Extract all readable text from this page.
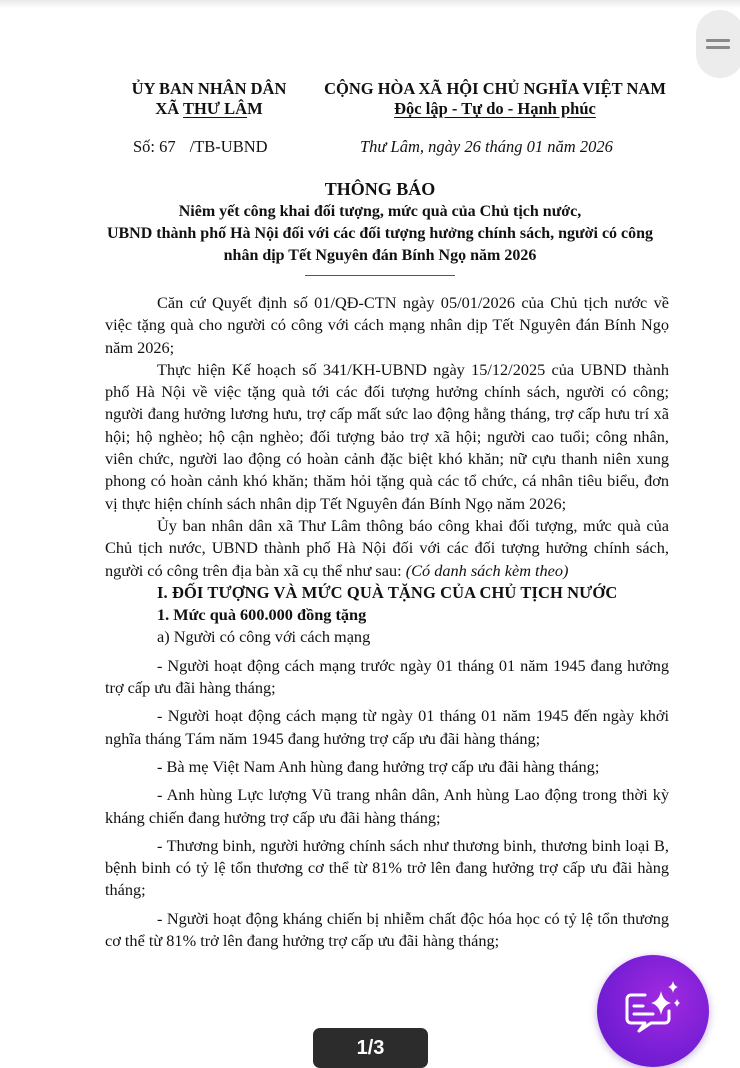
ỦY BAN NHÂN DÂN
XÃ THƯ LÂM
CỘNG HÒA XÃ HỘI CHỦ NGHĨA VIỆT NAM
Độc lập - Tự do - Hạnh phúc
Số: 67 /TB-UBND	Thư Lâm, ngày 26 tháng 01 năm 2026
THÔNG BÁO
Niêm yết công khai đối tượng, mức quà của Chủ tịch nước,
UBND thành phố Hà Nội đối với các đối tượng hưởng chính sách, người có công
nhân dịp Tết Nguyên đán Bính Ngọ năm 2026

Căn cứ Quyết định số 01/QĐ-CTN ngày 05/01/2026 của Chủ tịch nước về việc tặng quà cho người có công với cách mạng nhân dịp Tết Nguyên đán Bính Ngọ năm 2026;

Thực hiện Kế hoạch số 341/KH-UBND ngày 15/12/2025 của UBND thành phố Hà Nội về việc tặng quà tới các đối tượng hưởng chính sách, người có công; người đang hưởng lương hưu, trợ cấp mất sức lao động hằng tháng, trợ cấp hưu trí xã hội; hộ nghèo; hộ cận nghèo; đối tượng bảo trợ xã hội; người cao tuổi; công nhân, viên chức, người lao động có hoàn cảnh đặc biệt khó khăn; nữ cựu thanh niên xung phong có hoàn cảnh khó khăn; thăm hỏi tặng quà các tổ chức, cá nhân tiêu biểu, đơn vị thực hiện chính sách nhân dịp Tết Nguyên đán Bính Ngọ năm 2026;

Ủy ban nhân dân xã Thư Lâm thông báo công khai đối tượng, mức quà của Chủ tịch nước, UBND thành phố Hà Nội đối với các đối tượng hưởng chính sách, người có công trên địa bàn xã cụ thể như sau: (Có danh sách kèm theo)

I. ĐỐI TƯỢNG VÀ MỨC QUÀ TẶNG CỦA CHỦ TỊCH NƯỚC

1. Mức quà 600.000 đồng tặng

a) Người có công với cách mạng

- Người hoạt động cách mạng trước ngày 01 tháng 01 năm 1945 đang hưởng trợ cấp ưu đãi hàng tháng;

- Người hoạt động cách mạng từ ngày 01 tháng 01 năm 1945 đến ngày khởi nghĩa tháng Tám năm 1945 đang hưởng trợ cấp ưu đãi hàng tháng;

- Bà mẹ Việt Nam Anh hùng đang hưởng trợ cấp ưu đãi hàng tháng;

- Anh hùng Lực lượng Vũ trang nhân dân, Anh hùng Lao động trong thời kỳ kháng chiến đang hưởng trợ cấp ưu đãi hàng tháng;

- Thương binh, người hưởng chính sách như thương binh, thương binh loại B, bệnh binh có tỷ lệ tổn thương cơ thể từ 81% trở lên đang hưởng trợ cấp ưu đãi hàng tháng;

- Người hoạt động kháng chiến bị nhiễm chất độc hóa học có tỷ lệ tổn thương cơ thể từ 81% trở lên đang hưởng trợ cấp ưu đãi hàng tháng;

1/3
